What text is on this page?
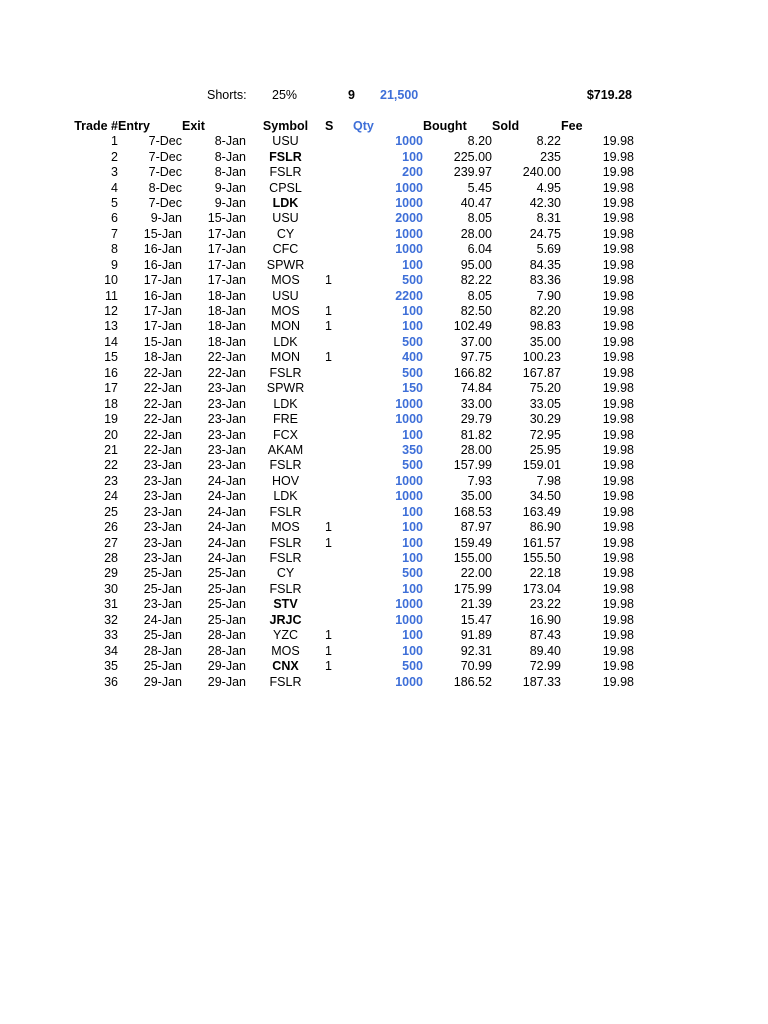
Shorts: 25%	9 21,500	$719.28
Trade #	Entry	Exit	Symbol	S	Qty	Bought	Sold	Fee
1	7-Dec	8-Jan	USU		1000	8.20	8.22	19.98
2	7-Dec	8-Jan	FSLR		100	225.00	235	19.98
3	7-Dec	8-Jan	FSLR		200	239.97	240.00	19.98
4	8-Dec	9-Jan	CPSL		1000	5.45	4.95	19.98
5	7-Dec	9-Jan	LDK		1000	40.47	42.30	19.98
6	9-Jan	15-Jan	USU		2000	8.05	8.31	19.98
7	15-Jan	17-Jan	CY		1000	28.00	24.75	19.98
8	16-Jan	17-Jan	CFC		1000	6.04	5.69	19.98
9	16-Jan	17-Jan	SPWR		100	95.00	84.35	19.98
10	17-Jan	17-Jan	MOS	1	500	82.22	83.36	19.98
11	16-Jan	18-Jan	USU		2200	8.05	7.90	19.98
12	17-Jan	18-Jan	MOS	1	100	82.50	82.20	19.98
13	17-Jan	18-Jan	MON	1	100	102.49	98.83	19.98
14	15-Jan	18-Jan	LDK		500	37.00	35.00	19.98
15	18-Jan	22-Jan	MON	1	400	97.75	100.23	19.98
16	22-Jan	22-Jan	FSLR		500	166.82	167.87	19.98
17	22-Jan	23-Jan	SPWR		150	74.84	75.20	19.98
18	22-Jan	23-Jan	LDK		1000	33.00	33.05	19.98
19	22-Jan	23-Jan	FRE		1000	29.79	30.29	19.98
20	22-Jan	23-Jan	FCX		100	81.82	72.95	19.98
21	22-Jan	23-Jan	AKAM		350	28.00	25.95	19.98
22	23-Jan	23-Jan	FSLR		500	157.99	159.01	19.98
23	23-Jan	24-Jan	HOV		1000	7.93	7.98	19.98
24	23-Jan	24-Jan	LDK		1000	35.00	34.50	19.98
25	23-Jan	24-Jan	FSLR		100	168.53	163.49	19.98
26	23-Jan	24-Jan	MOS	1	100	87.97	86.90	19.98
27	23-Jan	24-Jan	FSLR	1	100	159.49	161.57	19.98
28	23-Jan	24-Jan	FSLR		100	155.00	155.50	19.98
29	25-Jan	25-Jan	CY		500	22.00	22.18	19.98
30	25-Jan	25-Jan	FSLR		100	175.99	173.04	19.98
31	23-Jan	25-Jan	STV		1000	21.39	23.22	19.98
32	24-Jan	25-Jan	JRJC		1000	15.47	16.90	19.98
33	25-Jan	28-Jan	YZC	1	100	91.89	87.43	19.98
34	28-Jan	28-Jan	MOS	1	100	92.31	89.40	19.98
35	25-Jan	29-Jan	CNX	1	500	70.99	72.99	19.98
36	29-Jan	29-Jan	FSLR		1000	186.52	187.33	19.98
